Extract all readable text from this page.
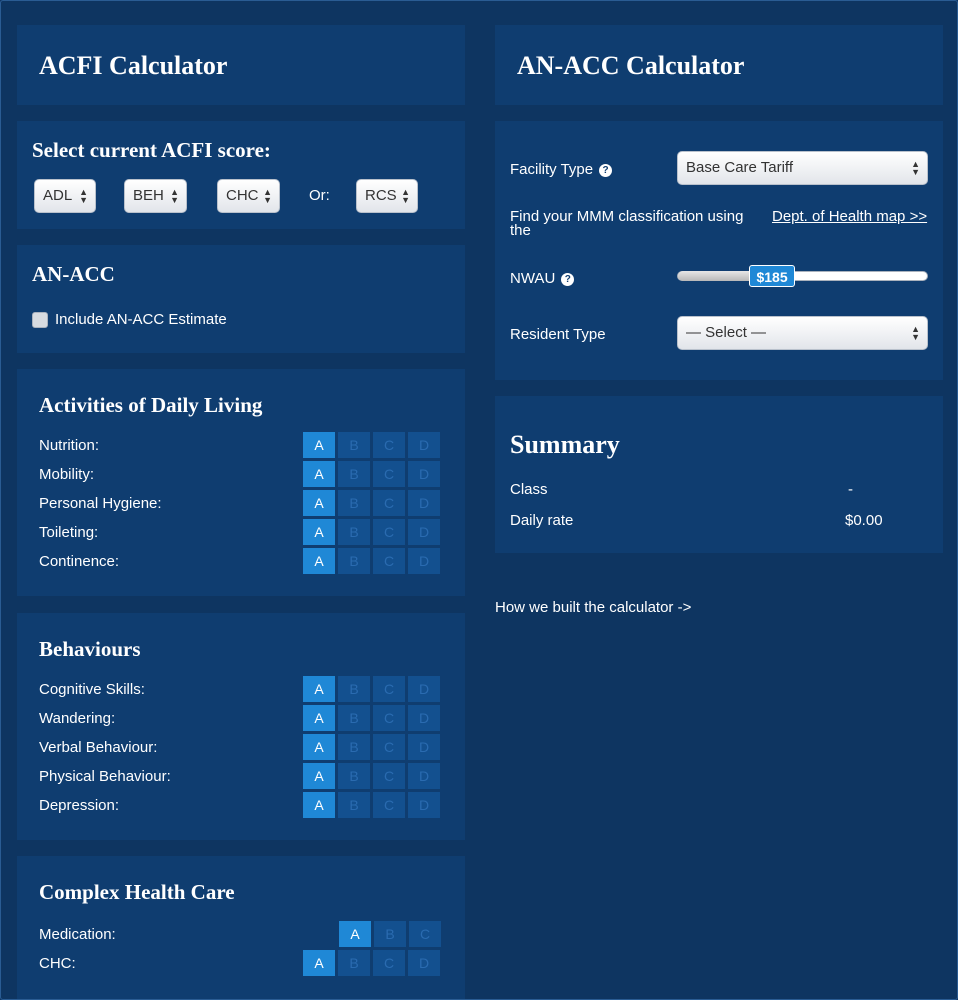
ACFI Calculator
Select current ACFI score:
ADL ▲
▼	BEH ▲
▼	CHC ▲
▼ Or:	RCS ▲
▼
AN-ACC
Include AN-ACC Estimate
Activities of Daily Living
Nutrition:	A	B	C	D
Mobility:	A	B	C	D
Personal Hygiene:	A	B	C	D
Toileting:	A	B	C	D
Continence:	A	B	C	D
Behaviours
Cognitive Skills:	A	B	C	D
Wandering:	A	B	C	D
Verbal Behaviour:	A	B	C	D
Physical Behaviour:	A	B	C	D
Depression:	A	B	C	D
Complex Health Care
Medication:	A	B	C
CHC:	A	B	C	D
AN-ACC Calculator
Facility Type ?	Base Care Tariff	▲
▼
Find your MMM classification using the
Dept. of Health map >>
NWAU ?	$185
Resident Type	— Select —	▲
▼
Summary
Class	-
Daily rate	$0.00
How we built the calculator ->
